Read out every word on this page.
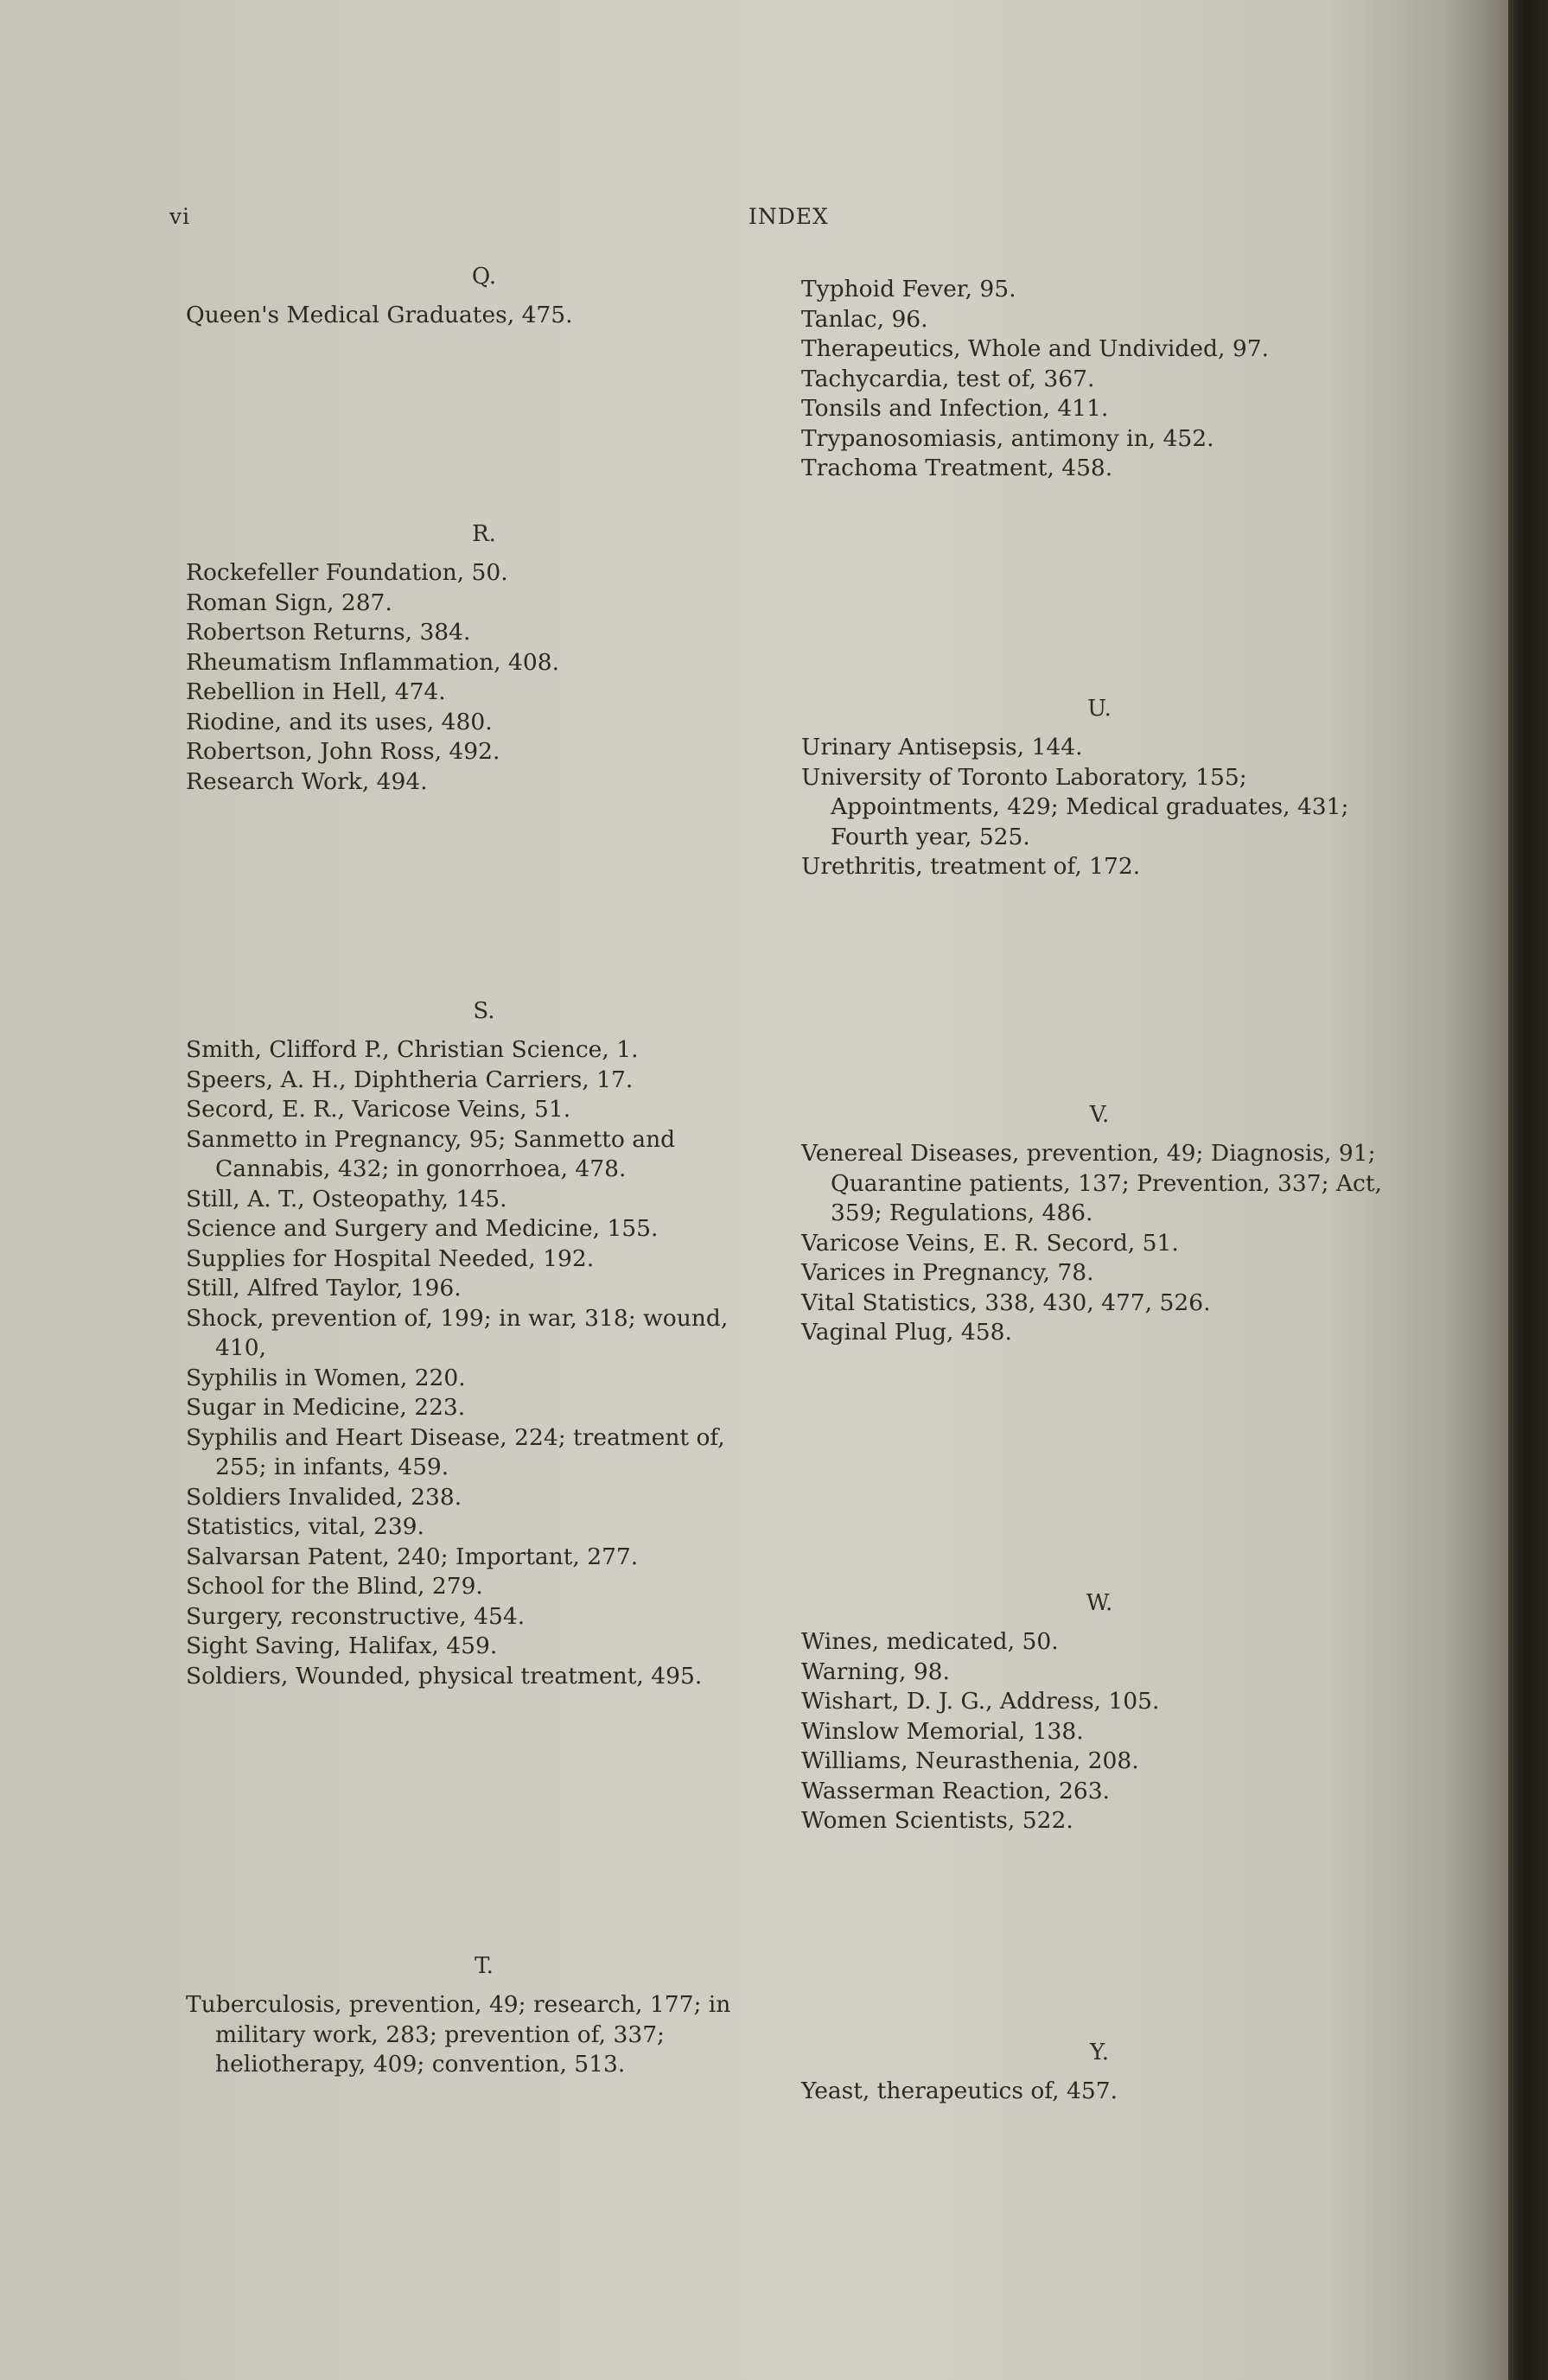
vi	INDEX
Q.
Queen's Medical Graduates, 475.
R.
Rockefeller Foundation, 50.
Roman Sign, 287.
Robertson Returns, 384.
Rheumatism Inflammation, 408.
Rebellion in Hell, 474.
Riodine, and its uses, 480.
Robertson, John Ross, 492.
Research Work, 494.
S.
Smith, Clifford P., Christian Science, 1.
Speers, A. H., Diphtheria Carriers, 17.
Secord, E. R., Varicose Veins, 51.
Sanmetto in Pregnancy, 95; Sanmetto and Cannabis, 432; in gonorrhoea, 478.
Still, A. T., Osteopathy, 145.
Science and Surgery and Medicine, 155.
Supplies for Hospital Needed, 192.
Still, Alfred Taylor, 196.
Shock, prevention of, 199; in war, 318; wound, 410,
Syphilis in Women, 220.
Sugar in Medicine, 223.
Syphilis and Heart Disease, 224; treatment of, 255; in infants, 459.
Soldiers Invalided, 238.
Statistics, vital, 239.
Salvarsan Patent, 240; Important, 277.
School for the Blind, 279.
Surgery, reconstructive, 454.
Sight Saving, Halifax, 459.
Soldiers, Wounded, physical treatment, 495.
T.
Tuberculosis, prevention, 49; research, 177; in military work, 283; prevention of, 337; heliotherapy, 409; convention, 513.
Typhoid Fever, 95.
Tanlac, 96.
Therapeutics, Whole and Undivided, 97.
Tachycardia, test of, 367.
Tonsils and Infection, 411.
Trypanosomiasis, antimony in, 452.
Trachoma Treatment, 458.
U.
Urinary Antisepsis, 144.
University of Toronto Laboratory, 155; Appointments, 429; Medical graduates, 431; Fourth year, 525.
Urethritis, treatment of, 172.
V.
Venereal Diseases, prevention, 49; Diagnosis, 91; Quarantine patients, 137; Prevention, 337; Act, 359; Regulations, 486.
Varicose Veins, E. R. Secord, 51.
Varices in Pregnancy, 78.
Vital Statistics, 338, 430, 477, 526.
Vaginal Plug, 458.
W.
Wines, medicated, 50.
Warning, 98.
Wishart, D. J. G., Address, 105.
Winslow Memorial, 138.
Williams, Neurasthenia, 208.
Wasserman Reaction, 263.
Women Scientists, 522.
Y.
Yeast, therapeutics of, 457.
